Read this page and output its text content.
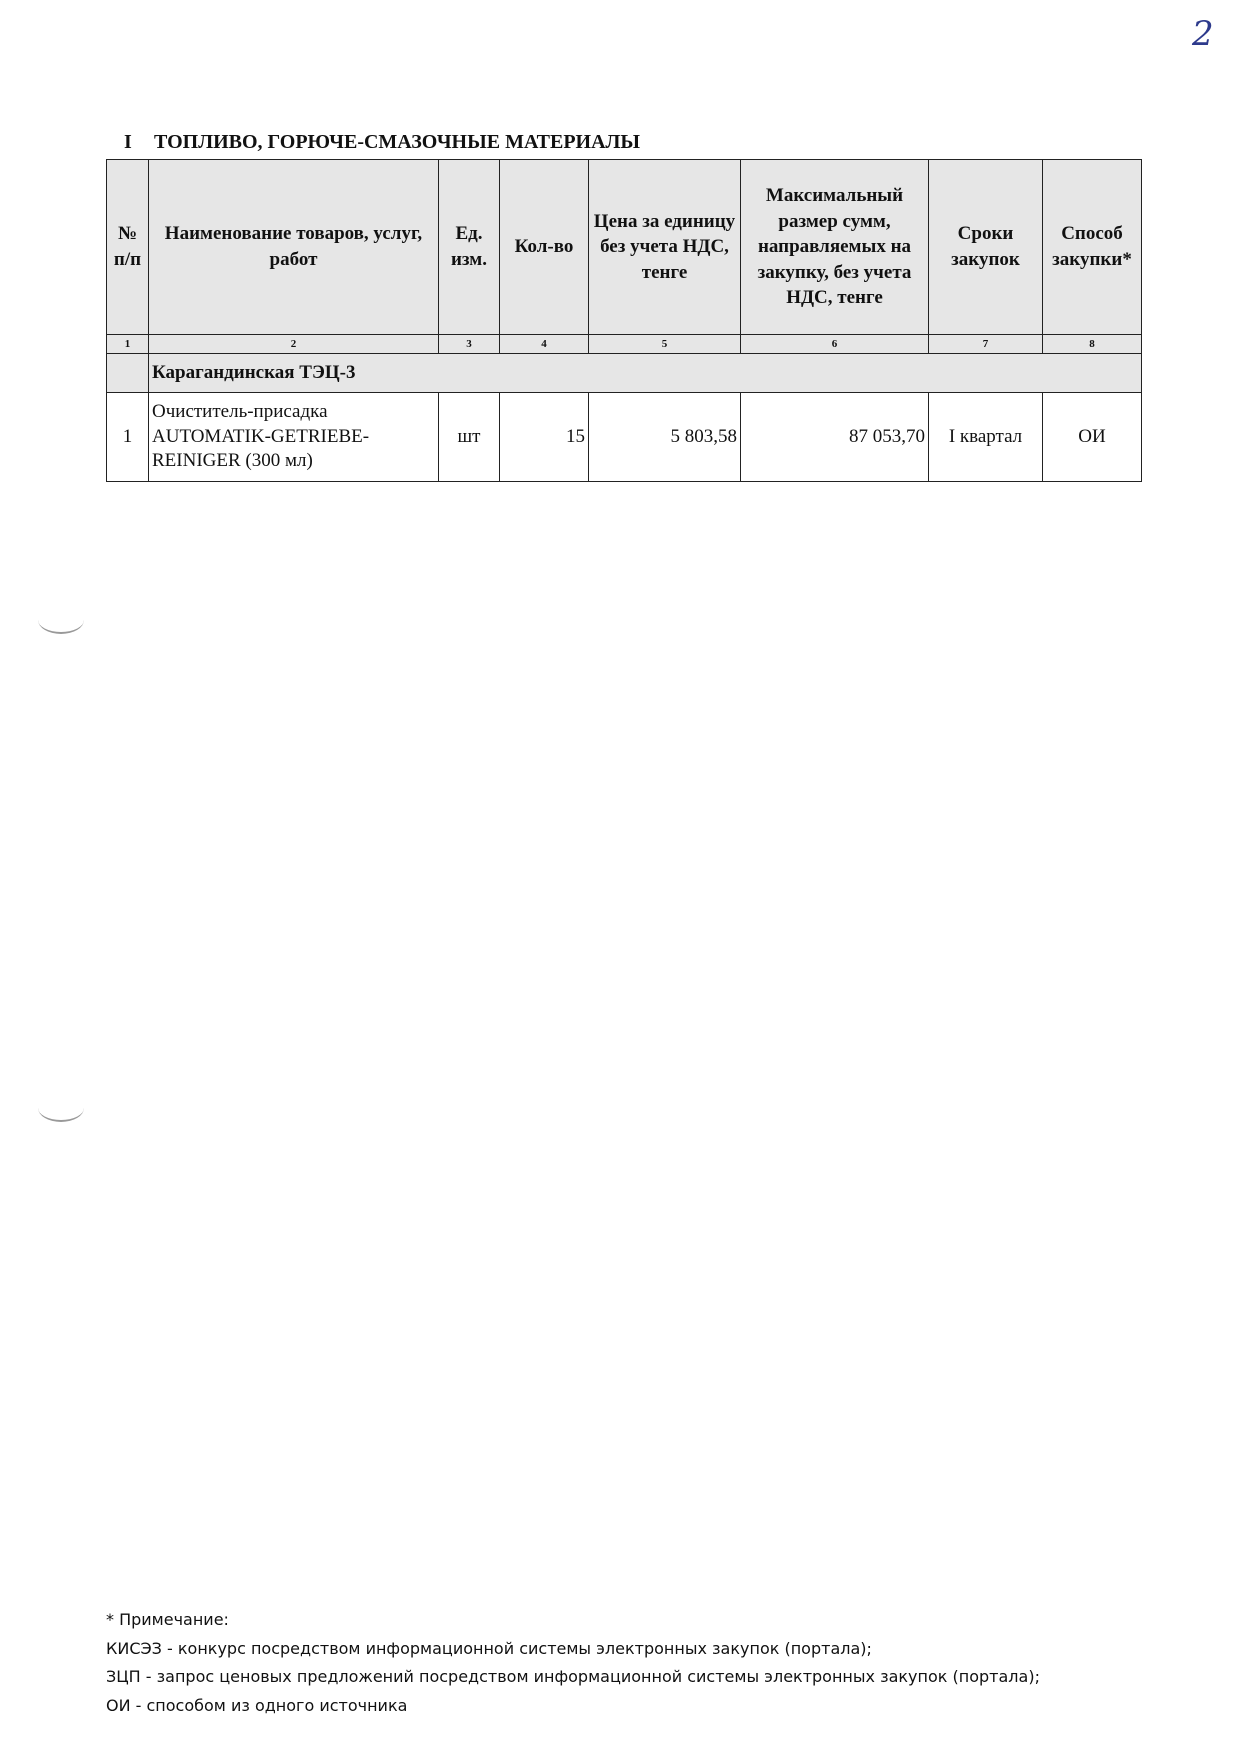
2
I ТОПЛИВО, ГОРЮЧЕ-СМАЗОЧНЫЕ МАТЕРИАЛЫ
№ п/п	Наименование товаров, услуг, работ	Ед. изм.	Кол-во	Цена за единицу без учета НДС, тенге	Максимальный размер сумм, направляемых на закупку, без учета НДС, тенге	Сроки закупок	Способ закупки*
1	2	3	4	5	6	7	8
	Карагандинская ТЭЦ-3						
1	Очиститель-присадка AUTOMATIK-GETRIEBE-REINIGER (300 мл)	шт	15	5 803,58	87 053,70	I квартал	ОИ
* Примечание:
КИСЭЗ - конкурс посредством информационной системы электронных закупок (портала);
ЗЦП - запрос ценовых предложений посредством информационной системы электронных закупок (портала);
ОИ - способом из одного источника
